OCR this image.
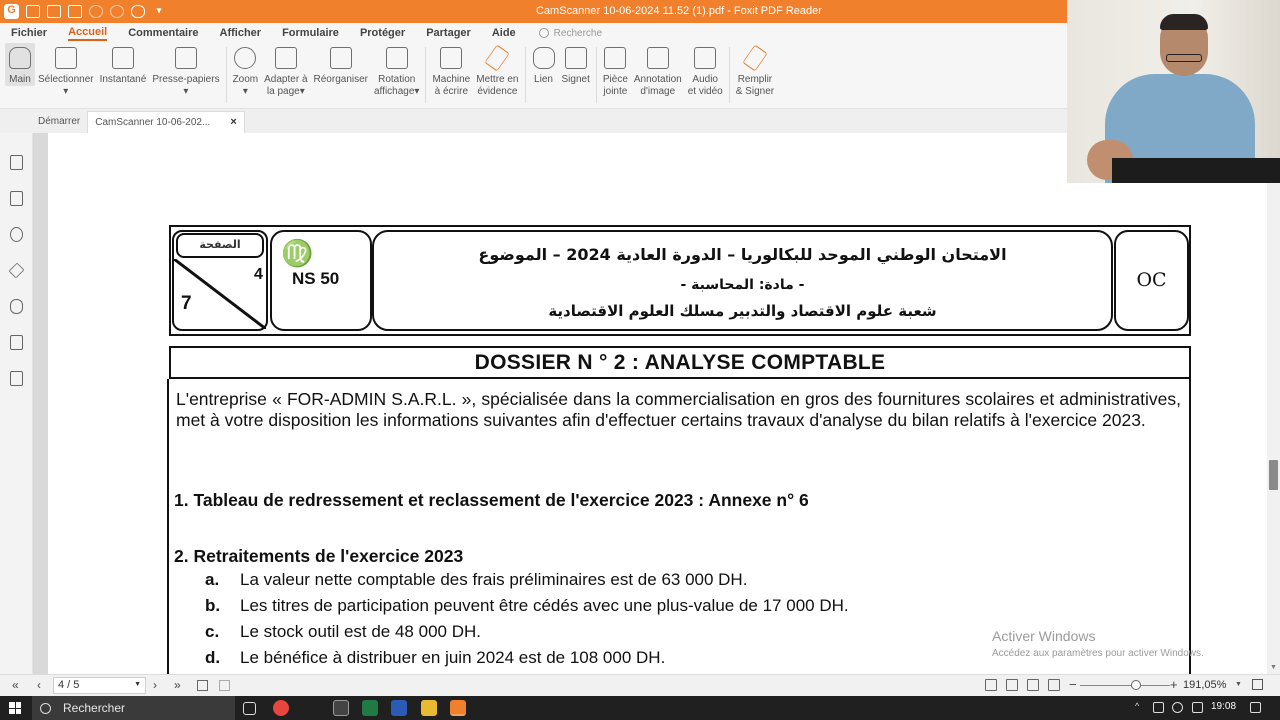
G	▾	CamScanner 10-06-2024 11.52 (1).pdf - Foxit PDF Reader
Fichier Accueil Commentaire Afficher Formulaire Protéger Partager Aide	Recherche
Main Sélectionner
▾
Instantané Presse-papiers
▾
Zoom
▾
Adapter à
la page▾
Réorganiser	Rotation
affichage▾
Machine
à écrire
Mettre en
évidence
Lien Signet Pièce
jointe
Annotation
d'image
Audio
et vidéo
Remplir
& Signer
Démarrer	CamScanner 10-06-202... ×
الصفحة
4
7
♍
NS 50
الامتحان الوطني الموحد للبكالوريا – الدورة العادية 2024 – الموضوع
- مادة: المحاسبة -
شعبة علوم الاقتصاد والتدبير مسلك العلوم الاقتصادية
OC
DOSSIER N ° 2 : ANALYSE COMPTABLE
L'entreprise « FOR-ADMIN S.A.R.L. », spécialisée dans la commercialisation en gros des fournitures scolaires et administratives, met à votre disposition les informations suivantes afin d'effectuer certains travaux d'analyse du bilan relatifs à l'exercice 2023.
1. Tableau de redressement et reclassement de l'exercice 2023 : Annexe n° 6
2. Retraitements de l'exercice 2023
a. La valeur nette comptable des frais préliminaires est de 63 000 DH.
b. Les titres de participation peuvent être cédés avec une plus-value de 17 000 DH.
c. Le stock outil est de 48 000 DH.
d. Le bénéfice à distribuer en juin 2024 est de 108 000 DH.
Activer Windows
Accédez aux paramètres pour activer Windows.
▼
« ‹	4 / 5	▼ › »	−	+ 191,05% ▼
Rechercher	^	19:08
